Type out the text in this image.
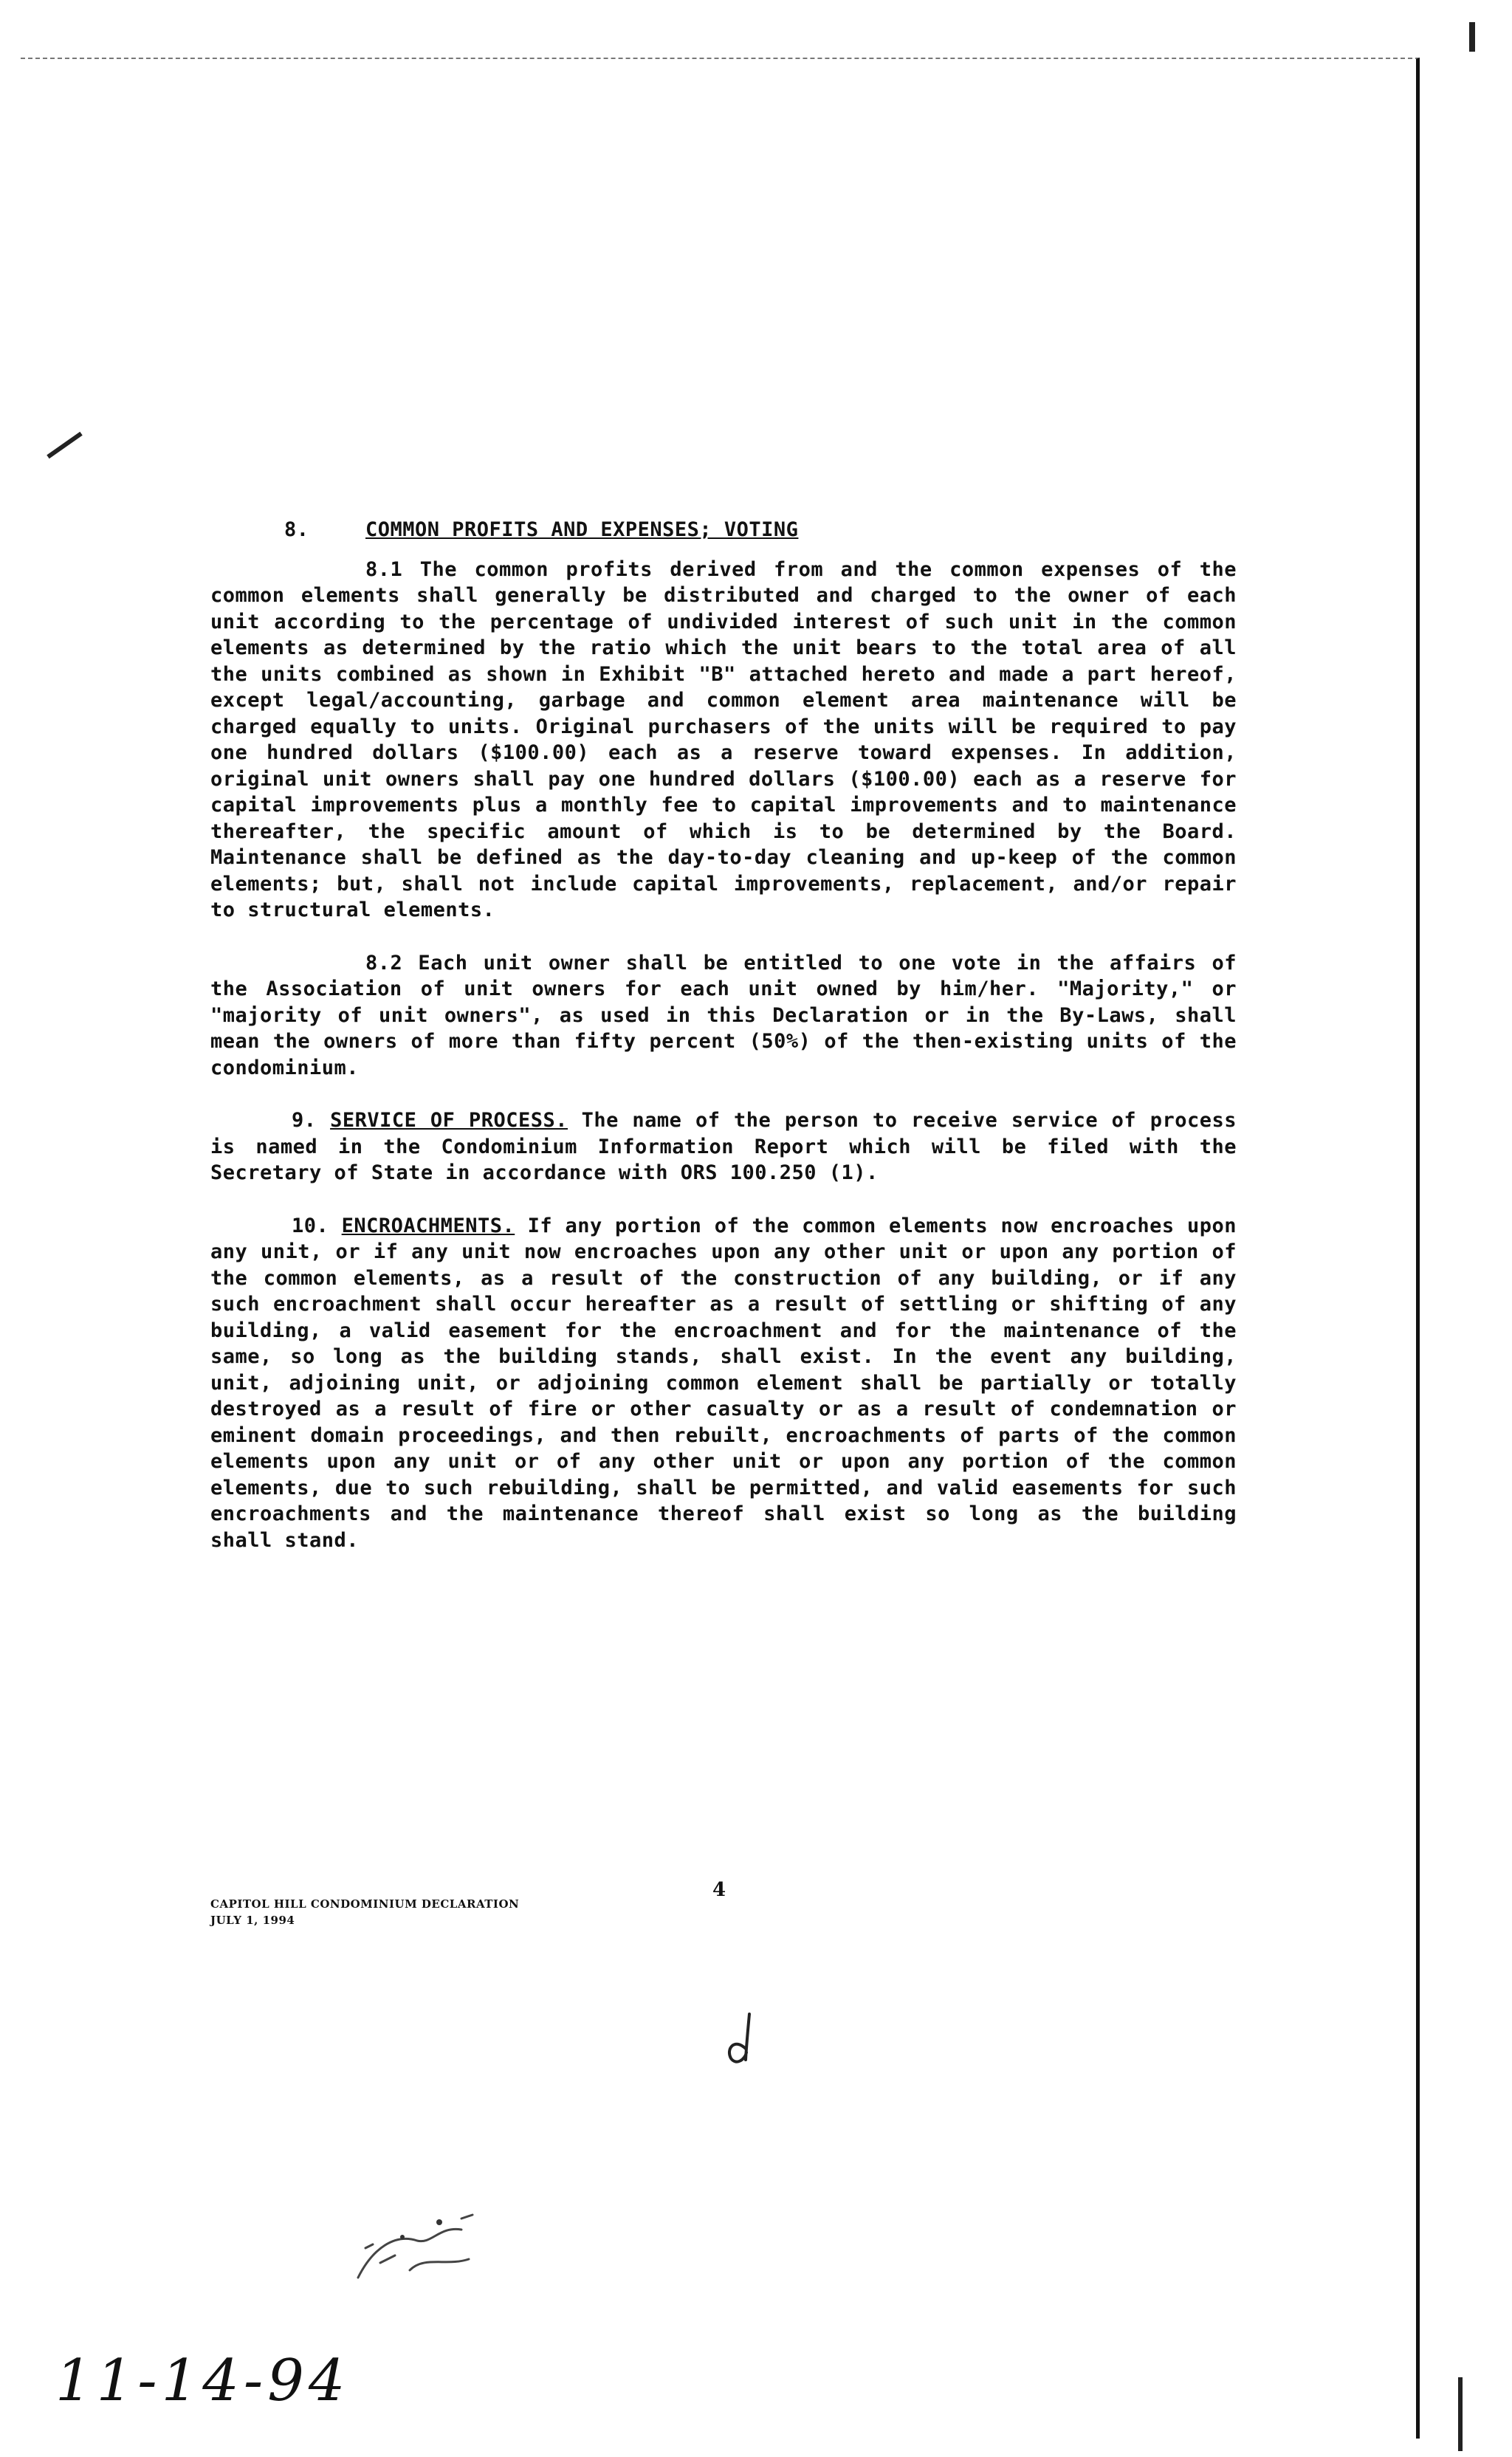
8.	COMMON PROFITS AND EXPENSES; VOTING

8.1 The common profits derived from and the common expenses of the common elements shall generally be distributed and charged to the owner of each unit according to the percentage of undivided interest of such unit in the common elements as determined by the ratio which the unit bears to the total area of all the units combined as shown in Exhibit "B" attached hereto and made a part hereof, except legal/accounting, garbage and common element area maintenance will be charged equally to units. Original purchasers of the units will be required to pay one hundred dollars ($100.00) each as a reserve toward expenses. In addition, original unit owners shall pay one hundred dollars ($100.00) each as a reserve for capital improvements plus a monthly fee to capital improvements and to maintenance thereafter, the specific amount of which is to be determined by the Board. Maintenance shall be defined as the day-to-day cleaning and up-keep of the common elements; but, shall not include capital improvements, replacement, and/or repair to structural elements.

8.2 Each unit owner shall be entitled to one vote in the affairs of the Association of unit owners for each unit owned by him/her. "Majority," or "majority of unit owners", as used in this Declaration or in the By-Laws, shall mean the owners of more than fifty percent (50%) of the then-existing units of the condominium.

9. SERVICE OF PROCESS. The name of the person to receive service of process is named in the Condominium Information Report which will be filed with the Secretary of State in accordance with ORS 100.250 (1).

10. ENCROACHMENTS. If any portion of the common elements now encroaches upon any unit, or if any unit now encroaches upon any other unit or upon any portion of the common elements, as a result of the construction of any building, or if any such encroachment shall occur hereafter as a result of settling or shifting of any building, a valid easement for the encroachment and for the maintenance of the same, so long as the building stands, shall exist. In the event any building, unit, adjoining unit, or adjoining common element shall be partially or totally destroyed as a result of fire or other casualty or as a result of condemnation or eminent domain proceedings, and then rebuilt, encroachments of parts of the common elements upon any unit or of any other unit or upon any portion of the common elements, due to such rebuilding, shall be permitted, and valid easements for such encroachments and the maintenance thereof shall exist so long as the building shall stand.

CAPITOL HILL CONDOMINIUM DECLARATION
JULY 1, 1994
4
11-14-94
